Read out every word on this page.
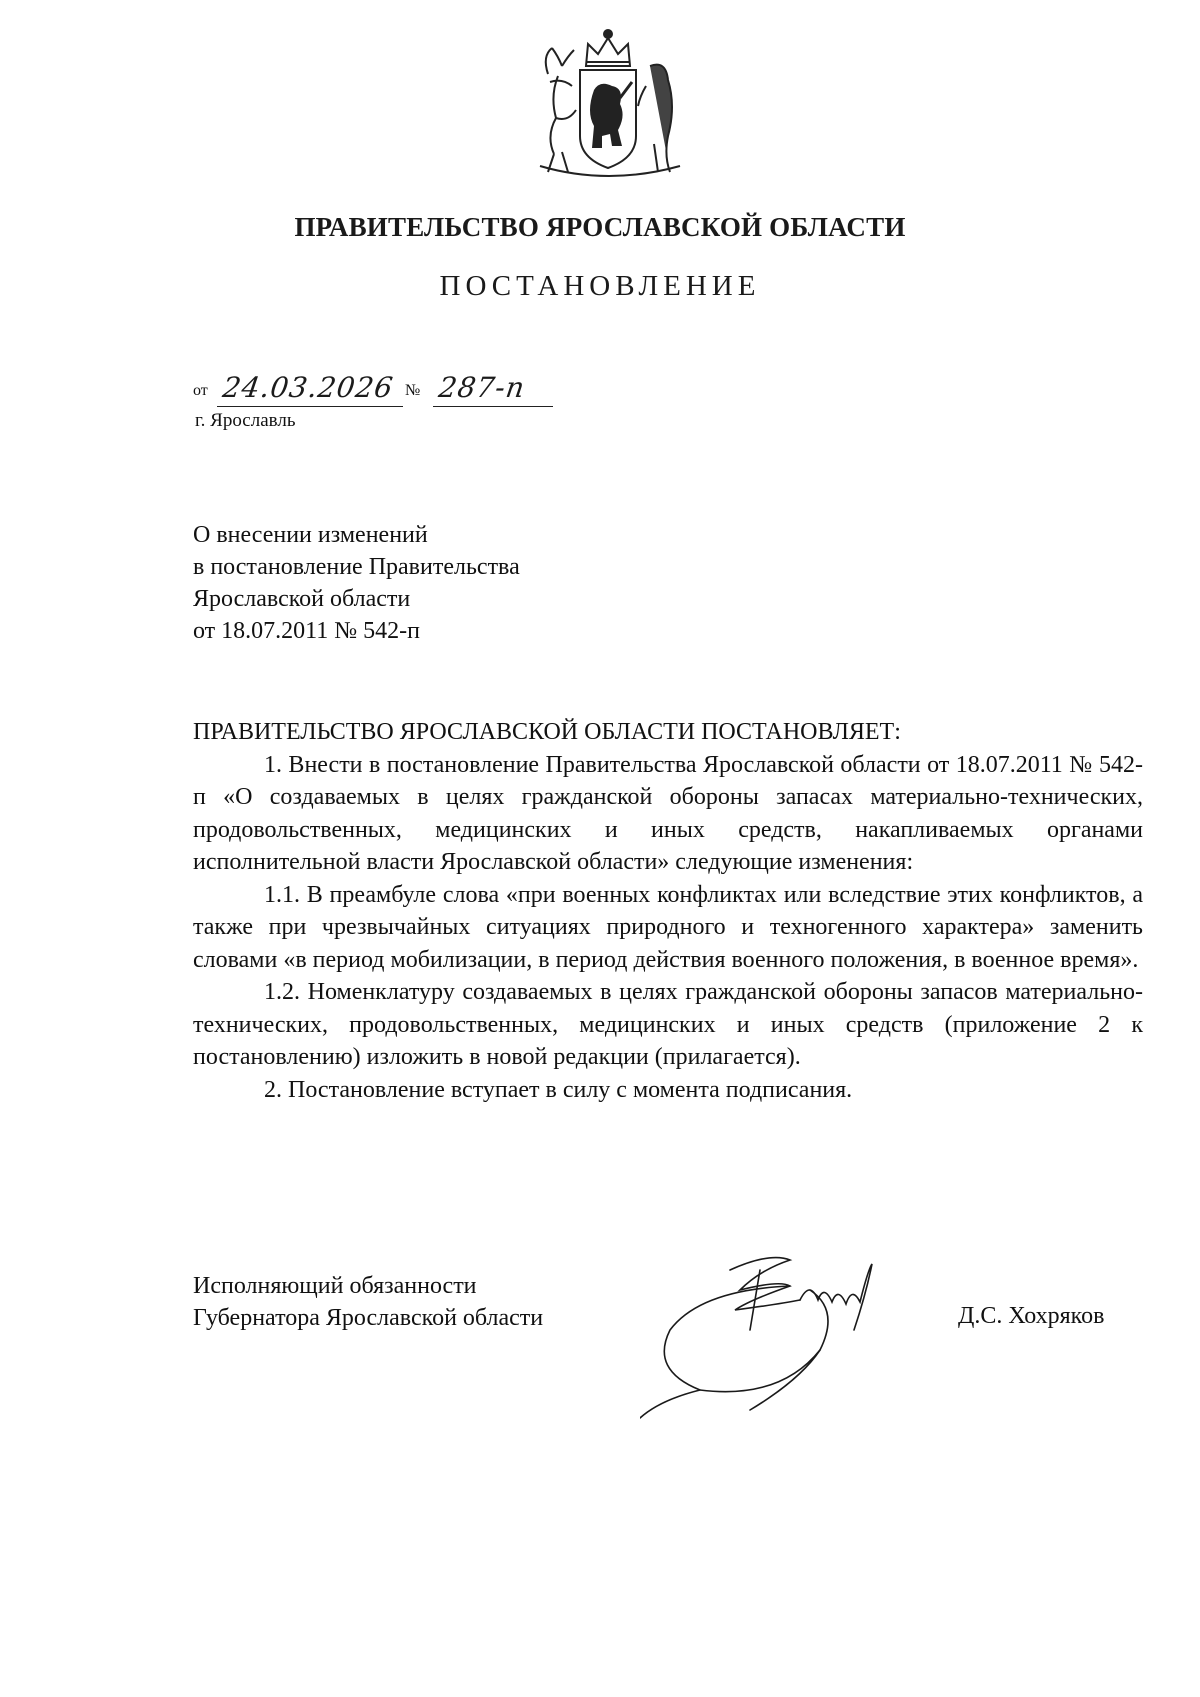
ПРАВИТЕЛЬСТВО ЯРОСЛАВСКОЙ ОБЛАСТИ
ПОСТАНОВЛЕНИЕ
от 24.03.2026 № 287-п
г. Ярославль
О внесении изменений
в постановление Правительства
Ярославской области
от 18.07.2011 № 542-п
ПРАВИТЕЛЬСТВО ЯРОСЛАВСКОЙ ОБЛАСТИ ПОСТАНОВЛЯЕТ:

1. Внести в постановление Правительства Ярославской области от 18.07.2011 № 542-п «О создаваемых в целях гражданской обороны запасах материально-технических, продовольственных, медицинских и иных средств, накапливаемых органами исполнительной власти Ярославской области» следующие изменения:

1.1. В преамбуле слова «при военных конфликтах или вследствие этих конфликтов, а также при чрезвычайных ситуациях природного и техногенного характера» заменить словами «в период мобилизации, в период действия военного положения, в военное время».

1.2. Номенклатуру создаваемых в целях гражданской обороны запасов материально-технических, продовольственных, медицинских и иных средств (приложение 2 к постановлению) изложить в новой редакции (прилагается).

2. Постановление вступает в силу с момента подписания.

Исполняющий обязанности
Губернатора Ярославской области	Д.С. Хохряков
